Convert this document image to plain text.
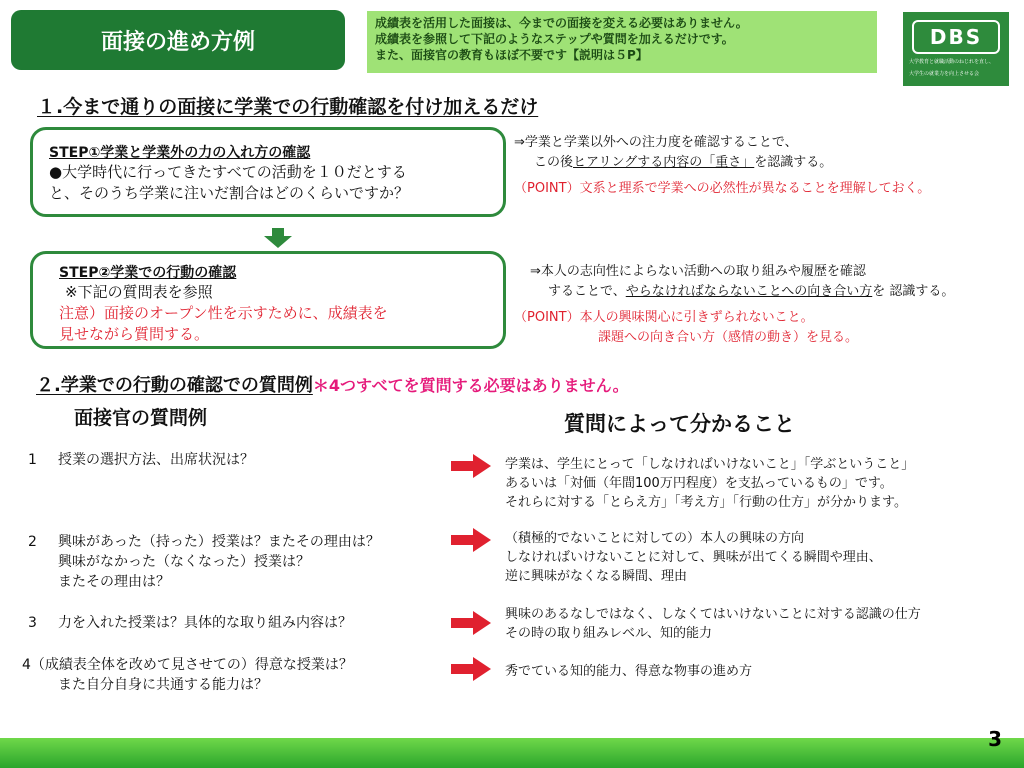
面接の進め方例
成績表を活用した面接は、今までの面接を変える必要はありません。
成績表を参照して下記のようなステップや質問を加えるだけです。
また、面接官の教育もほぼ不要です【説明は５P】
DBS
大学教育と就職活動のねじれを直し、
大学生の就業力を向上させる会
１.今まで通りの面接に学業での行動確認を付け加えるだけ
STEP①学業と学業外の力の入れ方の確認
●大学時代に行ってきたすべての活動を１０だとする
と、そのうち学業に注いだ割合はどのくらいですか？
STEP②学業での行動の確認
※下記の質問表を参照
注意）面接のオープン性を示すために、成績表を
見せながら質問する。
⇒学業と学業以外への注力度を確認することで、
この後ヒアリングする内容の「重さ」を認識する。
（POINT）文系と理系で学業への必然性が異なることを理解しておく。
⇒本人の志向性によらない活動への取り組みや履歴を確認
することで、やらなければならないことへの向き合い方を 認識する。
（POINT）本人の興味関心に引きずられないこと。
課題への向き合い方（感情の動き）を見る。
２.学業での行動の確認での質問例＊4つすべてを質問する必要はありません。
面接官の質問例	質問によって分かること
1 授業の選択方法、出席状況は？
2 興味があった（持った）授業は？またその理由は？
興味がなかった（なくなった）授業は？
またその理由は？
3 力を入れた授業は？具体的な取り組み内容は？
4（成績表全体を改めて見させての）得意な授業は？
また自分自身に共通する能力は？
学業は、学生にとって「しなければいけないこと」「学ぶということ」
あるいは「対価（年間100万円程度）を支払っているもの」です。
それらに対する「とらえ方」「考え方」「行動の仕方」が分かります。
（積極的でないことに対しての）本人の興味の方向
しなければいけないことに対して、興味が出てくる瞬間や理由、
逆に興味がなくなる瞬間、理由
興味のあるなしではなく、しなくてはいけないことに対する認識の仕方
その時の取り組みレベル、知的能力
秀でている知的能力、得意な物事の進め方
3
